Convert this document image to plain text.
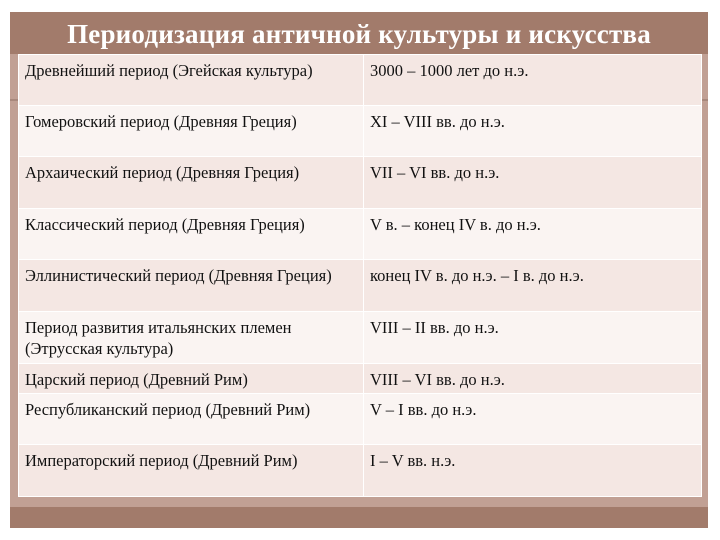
Периодизация античной культуры и искусства
Древнейший период (Эгейская культура)	3000 – 1000 лет до н.э.
Гомеровский период (Древняя Греция)	XI – VIII вв. до н.э.
Архаический период (Древняя Греция)	VII – VI вв. до н.э.
Классический период (Древняя Греция)	V в. – конец IV в. до н.э.
Эллинистический период (Древняя Греция)	конец IV в. до н.э. – I в. до н.э.
Период развития итальянских племен (Этрусская культура)	VIII – II вв. до н.э.
Царский период (Древний Рим)	VIII – VI вв. до н.э.
Республиканский период (Древний Рим)	V – I вв. до н.э.
Императорский период (Древний Рим)	I – V вв. н.э.
